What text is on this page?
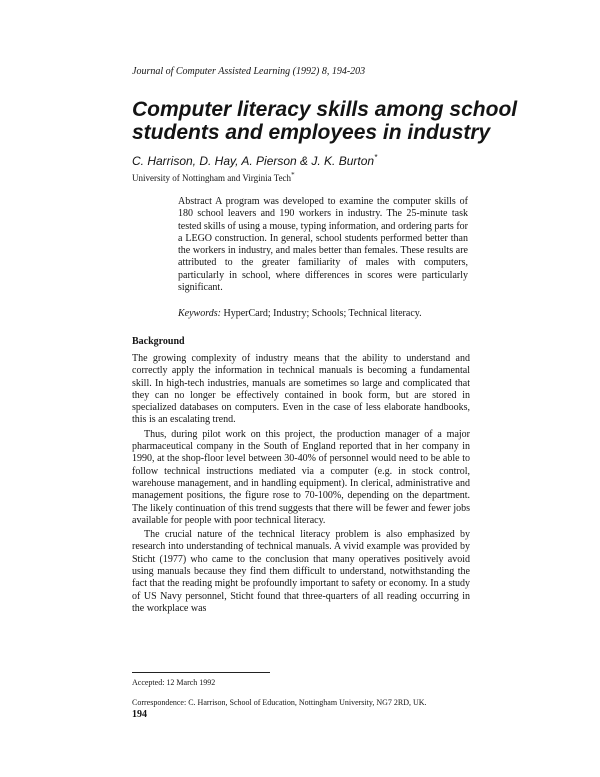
Journal of Computer Assisted Learning (1992) 8, 194-203
Computer literacy skills among school
students and employees in industry
C. Harrison, D. Hay, A. Pierson & J. K. Burton*
University of Nottingham and Virginia Tech*

Abstract A program was developed to examine the computer skills of 180 school leavers and 190 workers in industry. The 25-minute task tested skills of using a mouse, typing information, and ordering parts for a LEGO construction. In general, school students performed better than the workers in industry, and males better than females. These results are attributed to the greater familiarity of males with computers, particularly in school, where differences in scores were particularly significant.

Keywords: HyperCard; Industry; Schools; Technical literacy.
Background

The growing complexity of industry means that the ability to understand and correctly apply the information in technical manuals is becoming a fundamental skill. In high-tech industries, manuals are sometimes so large and complicated that they can no longer be effectively contained in book form, but are stored in specialized databases on computers. Even in the case of less elaborate handbooks, this is an escalating trend.

Thus, during pilot work on this project, the production manager of a major pharmaceutical company in the South of England reported that in her company in 1990, at the shop-floor level between 30-40% of personnel would need to be able to follow technical instructions mediated via a computer (e.g. in stock control, warehouse management, and in handling equipment). In clerical, administrative and management positions, the figure rose to 70-100%, depending on the department. The likely continuation of this trend suggests that there will be fewer and fewer jobs available for people with poor technical literacy.

The crucial nature of the technical literacy problem is also emphasized by research into understanding of technical manuals. A vivid example was provided by Sticht (1977) who came to the conclusion that many operatives positively avoid using manuals because they find them difficult to understand, notwithstanding the fact that the reading might be profoundly important to safety or economy. In a study of US Navy personnel, Sticht found that three-quarters of all reading occurring in the workplace was

Accepted: 12 March 1992
Correspondence: C. Harrison, School of Education, Nottingham University, NG7 2RD, UK.
194
